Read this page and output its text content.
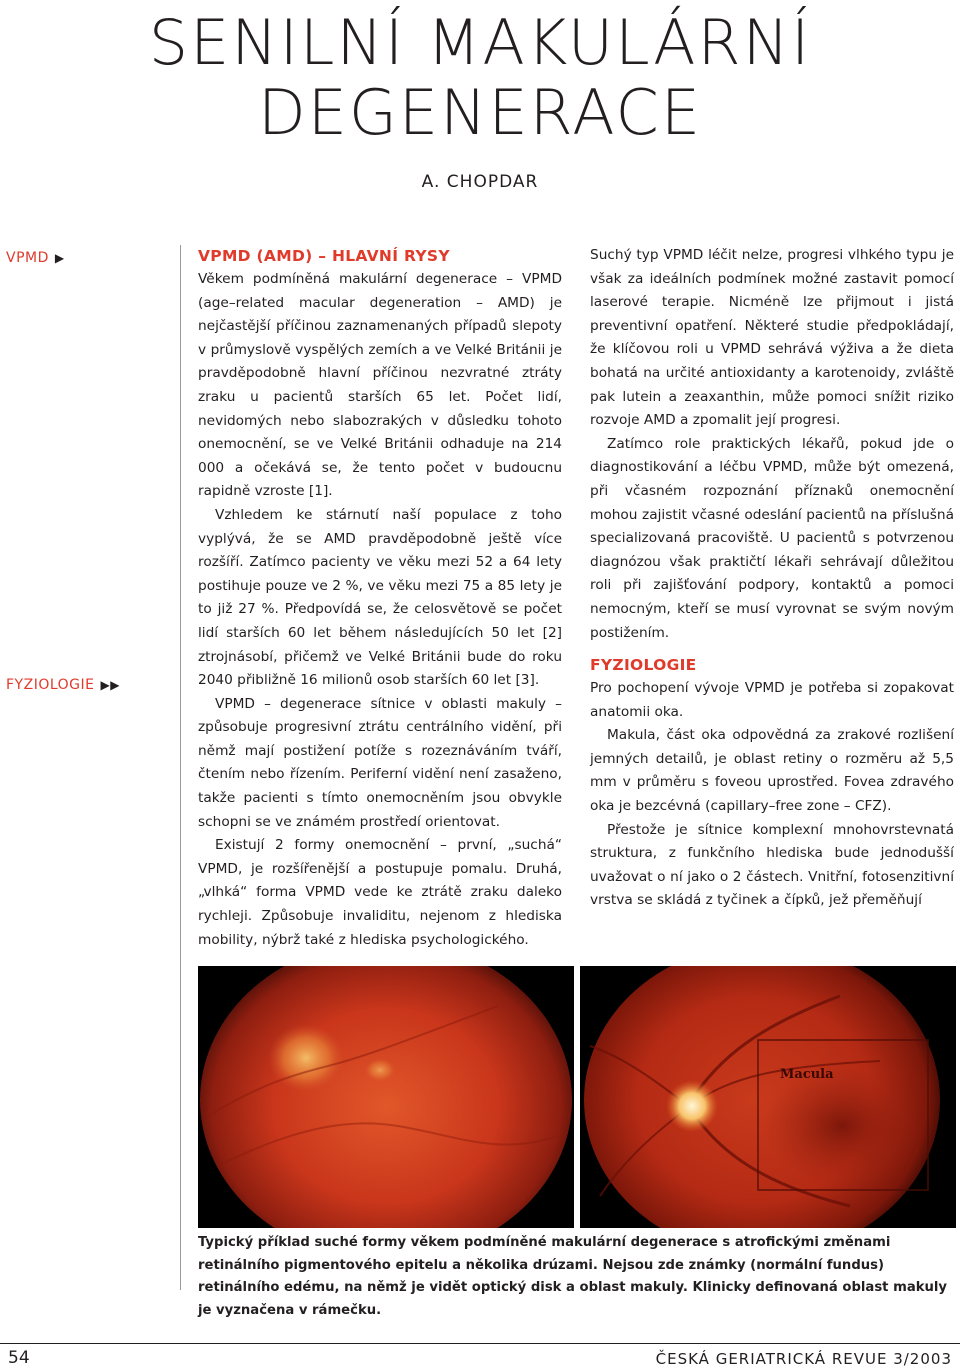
SENILNÍ MAKULÁRNÍ
DEGENERACE
A. CHOPDAR
VPMD ▶
FYZIOLOGIE ▶▶
VPMD (AMD) – HLAVNÍ RYSY

Věkem podmíněná makulární degenerace – VPMD (age–related macular degeneration – AMD) je nejčastější příčinou zaznamenaných případů slepoty v průmyslově vyspělých zemích a ve Velké Británii je pravděpodobně hlavní příčinou nezvratné ztráty zraku u pacientů starších 65 let. Počet lidí, nevidomých nebo slabozrakých v důsledku tohoto onemocnění, se ve Velké Británii odhaduje na 214 000 a očekává se, že tento počet v budoucnu rapidně vzroste [1].

Vzhledem ke stárnutí naší populace z toho vyplývá, že se AMD pravděpodobně ještě více rozšíří. Zatímco pacienty ve věku mezi 52 a 64 lety postihuje pouze ve 2 %, ve věku mezi 75 a 85 lety je to již 27 %. Předpovídá se, že celosvětově se počet lidí starších 60 let během následujících 50 let [2] ztrojnásobí, přičemž ve Velké Británii bude do roku 2040 přibližně 16 milionů osob starších 60 let [3].

VPMD – degenerace sítnice v oblasti makuly – způsobuje progresivní ztrátu centrálního vidění, při němž mají postižení potíže s rozeznáváním tváří, čtením nebo řízením. Periferní vidění není zasaženo, takže pacienti s tímto onemocněním jsou obvykle schopni se ve známém prostředí orientovat.

Existují 2 formy onemocnění – první, „suchá“ VPMD, je rozšířenější a postupuje pomalu. Druhá, „vlhká“ forma VPMD vede ke ztrátě zraku daleko rychleji. Způsobuje invaliditu, nejenom z hlediska mobility, nýbrž také z hlediska psychologického.

Suchý typ VPMD léčit nelze, progresi vlhkého typu je však za ideálních podmínek možné zastavit pomocí laserové terapie. Nicméně lze přijmout i jistá preventivní opatření. Některé studie předpokládají, že klíčovou roli u VPMD sehrává výživa a že dieta bohatá na určité antioxidanty a karotenoidy, zvláště pak lutein a zeaxanthin, může pomoci snížit riziko rozvoje AMD a zpomalit její progresi.

Zatímco role praktických lékařů, pokud jde o diagnostikování a léčbu VPMD, může být omezená, při včasném rozpoznání příznaků onemocnění mohou zajistit včasné odeslání pacientů na příslušná specializovaná pracoviště. U pacientů s potvrzenou diagnózou však praktičtí lékaři sehrávají důležitou roli při zajišťování podpory, kontaktů a pomoci nemocným, kteří se musí vyrovnat se svým novým postižením.

FYZIOLOGIE

Pro pochopení vývoje VPMD je potřeba si zopakovat anatomii oka.

Makula, část oka odpovědná za zrakové rozlišení jemných detailů, je oblast retiny o rozměru až 5,5 mm v průměru s foveou uprostřed. Fovea zdravého oka je bezcévná (capillary–free zone – CFZ).

Přestože je sítnice komplexní mnohovrstevnatá struktura, z funkčního hlediska bude jednodušší uvažovat o ní jako o 2 částech. Vnitřní, fotosenzitivní vrstva se skládá z tyčinek a čípků, jež přeměňují

Macula
Typický příklad suché formy věkem podmíněné makulární degenerace s atrofickými změnami retinálního pigmentového epitelu a několika drúzami. Nejsou zde známky (normální fundus) retinálního edému, na němž je vidět optický disk a oblast makuly. Klinicky definovaná oblast makuly je vyznačena v rámečku.
54	ČESKÁ GERIATRICKÁ REVUE 3/2003
